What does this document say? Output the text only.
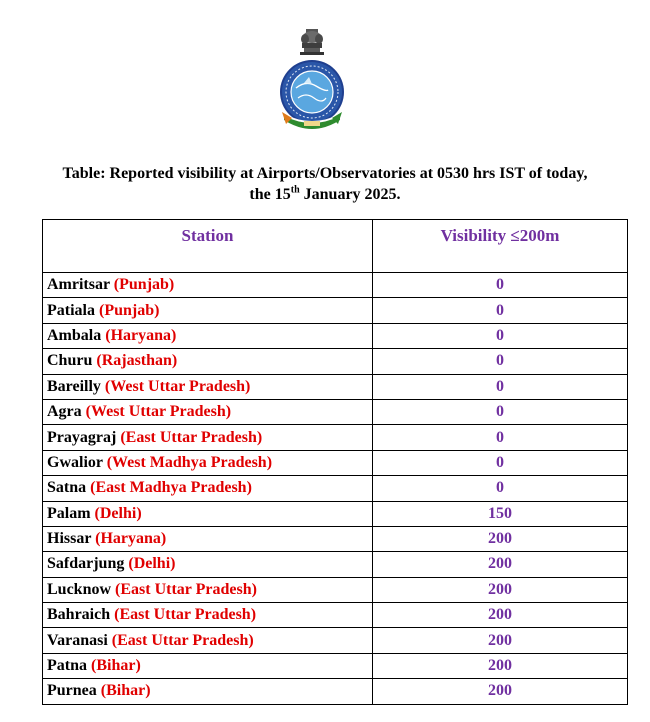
Table: Reported visibility at Airports/Observatories at 0530 hrs IST of today,
the 15th January 2025.
Station	Visibility ≤200m
Amritsar (Punjab)	0
Patiala (Punjab)	0
Ambala (Haryana)	0
Churu (Rajasthan)	0
Bareilly (West Uttar Pradesh)	0
Agra (West Uttar Pradesh)	0
Prayagraj (East Uttar Pradesh)	0
Gwalior (West Madhya Pradesh)	0
Satna (East Madhya Pradesh)	0
Palam (Delhi)	150
Hissar (Haryana)	200
Safdarjung (Delhi)	200
Lucknow (East Uttar Pradesh)	200
Bahraich (East Uttar Pradesh)	200
Varanasi (East Uttar Pradesh)	200
Patna (Bihar)	200
Purnea (Bihar)	200
